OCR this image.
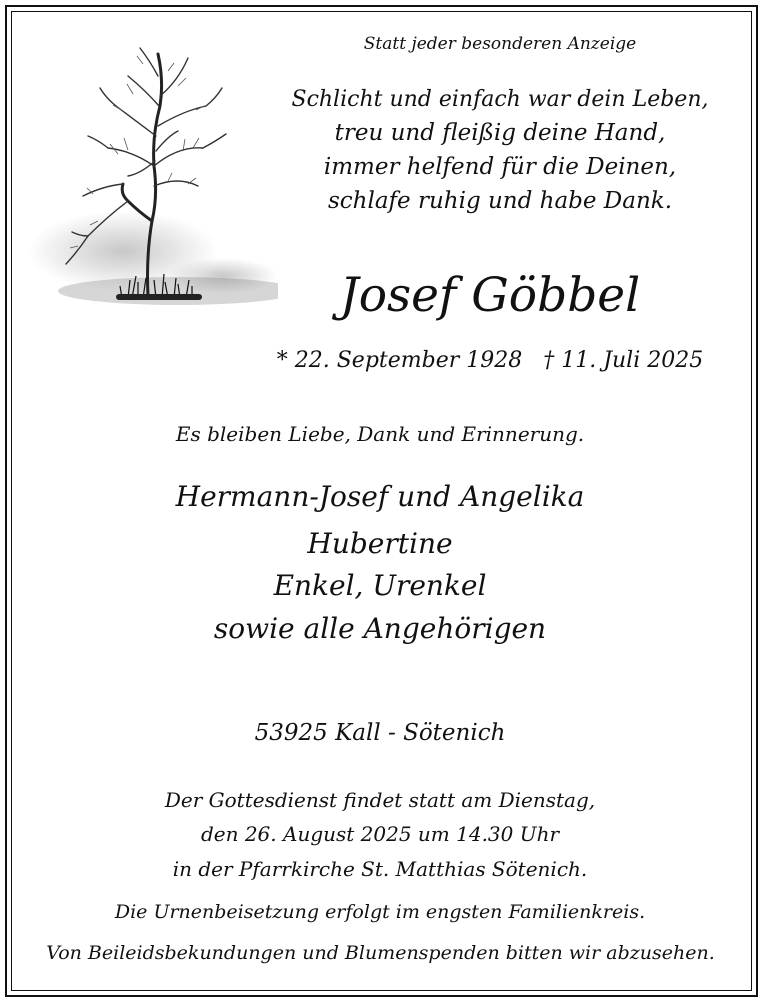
Statt jeder besonderen Anzeige
Schlicht und einfach war dein Leben,
treu und fleißig deine Hand,
immer helfend für die Deinen,
schlafe ruhig und habe Dank.
Josef Göbbel
* 22. September 1928   † 11. Juli 2025
Es bleiben Liebe, Dank und Erinnerung.
Hermann-Josef und Angelika
Hubertine
Enkel, Urenkel
sowie alle Angehörigen
53925 Kall - Sötenich
Der Gottesdienst findet statt am Dienstag,
den 26. August 2025 um 14.30 Uhr
in der Pfarrkirche St. Matthias Sötenich.
Die Urnenbeisetzung erfolgt im engsten Familienkreis.
Von Beileidsbekundungen und Blumenspenden bitten wir abzusehen.
